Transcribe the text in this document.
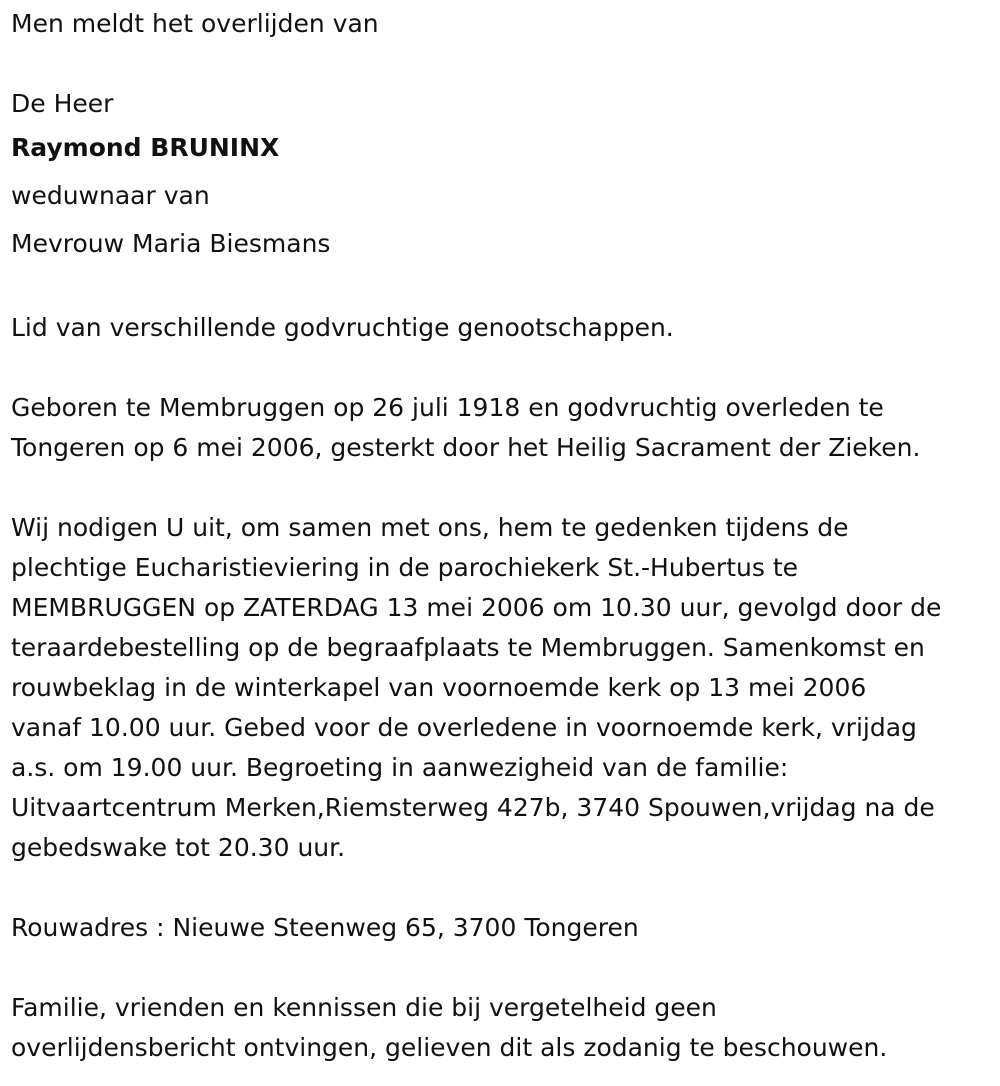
Men meldt het overlijden van
De Heer
Raymond BRUNINX
weduwnaar van
Mevrouw Maria Biesmans
Lid van verschillende godvruchtige genootschappen.
Geboren te Membruggen op 26 juli 1918 en godvruchtig overleden te
Tongeren op 6 mei 2006, gesterkt door het Heilig Sacrament der Zieken.
Wij nodigen U uit, om samen met ons, hem te gedenken tijdens de
plechtige Eucharistieviering in de parochiekerk St.-Hubertus te
MEMBRUGGEN op ZATERDAG 13 mei 2006 om 10.30 uur, gevolgd door de
teraardebestelling op de begraafplaats te Membruggen. Samenkomst en
rouwbeklag in de winterkapel van voornoemde kerk op 13 mei 2006
vanaf 10.00 uur. Gebed voor de overledene in voornoemde kerk, vrijdag
a.s. om 19.00 uur. Begroeting in aanwezigheid van de familie:
Uitvaartcentrum Merken,Riemsterweg 427b, 3740 Spouwen,vrijdag na de
gebedswake tot 20.30 uur.
Rouwadres : Nieuwe Steenweg 65, 3700 Tongeren
Familie, vrienden en kennissen die bij vergetelheid geen
overlijdensbericht ontvingen, gelieven dit als zodanig te beschouwen.
